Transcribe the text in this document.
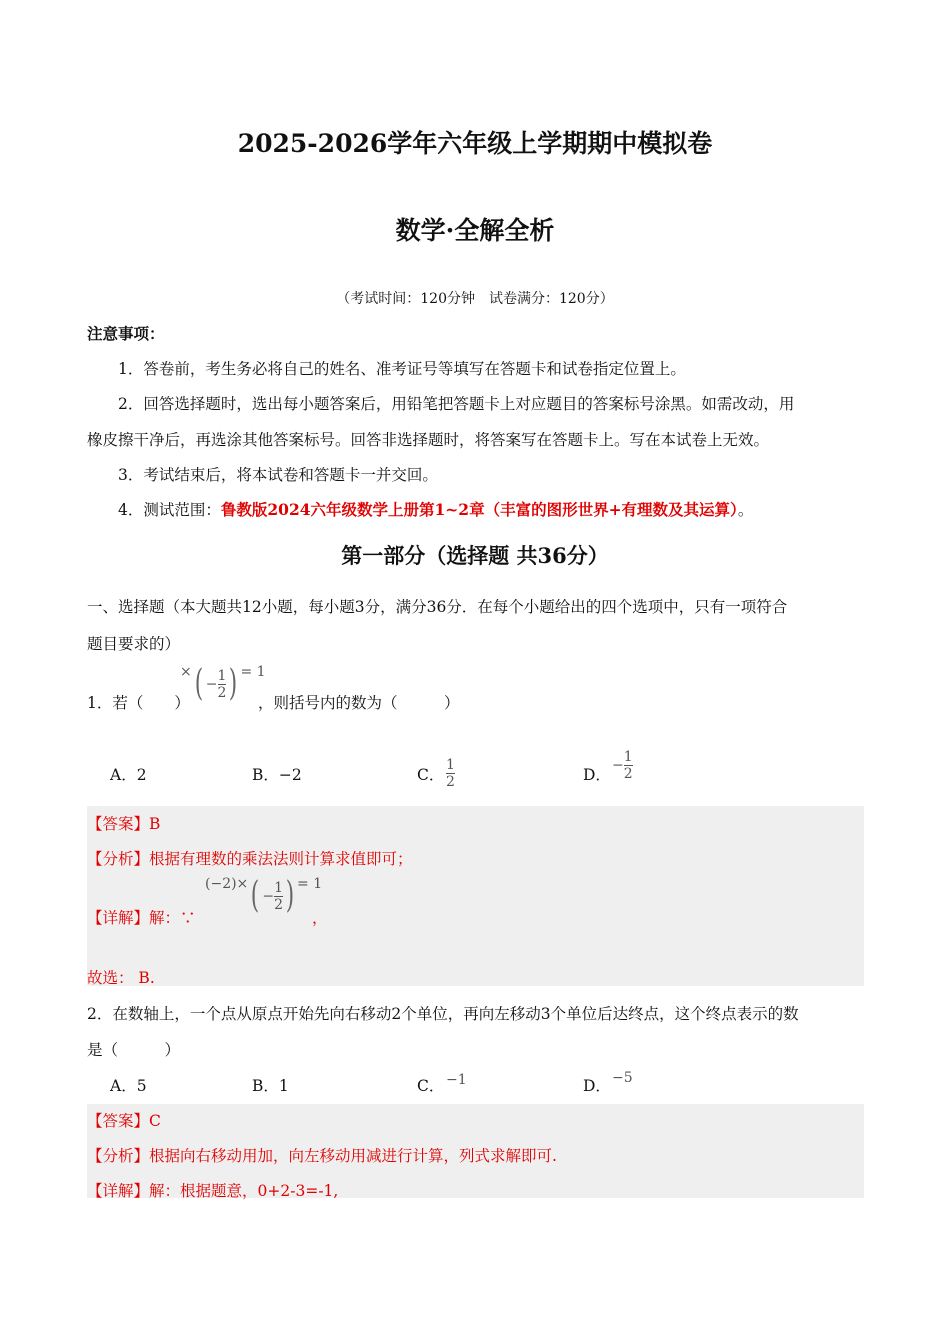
2025-2026学年六年级上学期期中模拟卷
数学·全解全析
（考试时间：120分钟　试卷满分：120分）
注意事项：
1．答卷前，考生务必将自己的姓名、准考证号等填写在答题卡和试卷指定位置上。
2．回答选择题时，选出每小题答案后，用铅笔把答题卡上对应题目的答案标号涂黑。如需改动，用
橡皮擦干净后，再选涂其他答案标号。回答非选择题时，将答案写在答题卡上。写在本试卷上无效。
3．考试结束后，将本试卷和答题卡一并交回。
4．测试范围：鲁教版2024六年级数学上册第1~2章（丰富的图形世界+有理数及其运算）。
第一部分（选择题 共36分）
一、选择题（本大题共12小题，每小题3分，满分36分．在每个小题给出的四个选项中，只有一项符合
题目要求的）
1．若（　　）
×( − $\frac{1}{2}$ ) = 1
，则括号内的数为（　　　）
A．2	B．−2	C． $\frac{1}{2}$	D．
− $\frac{1}{2}$
【答案】B
【分析】根据有理数的乘法法则计算求值即可；
【详解】解：∵
$(-2)\times( - \frac{1}{2}$ ) = 1
，
故选： B.
2．在数轴上，一个点从原点开始先向右移动2个单位，再向左移动3个单位后达终点，这个终点表示的数
是（　　　）
A．5	B．1	C． −1	D． −5
【答案】C
【分析】根据向右移动用加，向左移动用减进行计算，列式求解即可.
【详解】解：根据题意，0+2-3=-1,
